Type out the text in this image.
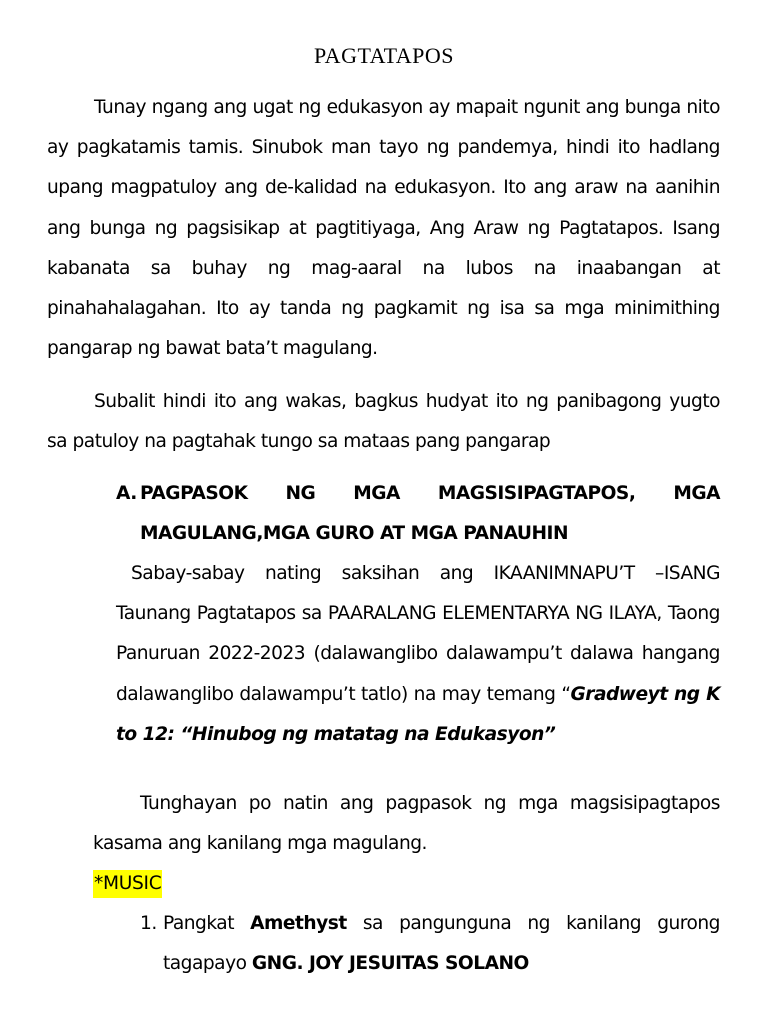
PAGTATAPOS

Tunay ngang ang ugat ng edukasyon ay mapait ngunit ang bunga nito ay pagkatamis tamis. Sinubok man tayo ng pandemya, hindi ito hadlang upang magpatuloy ang de-kalidad na edukasyon. Ito ang araw na aanihin ang bunga ng pagsisikap at pagtitiyaga, Ang Araw ng Pagtatapos. Isang kabanata sa buhay ng mag-aaral na lubos na inaabangan at pinahahalagahan. Ito ay tanda ng pagkamit ng isa sa mga minimithing pangarap ng bawat bata’t magulang.

Subalit hindi ito ang wakas, bagkus hudyat ito ng panibagong yugto sa patuloy na pagtahak tungo sa mataas pang pangarap

A. PAGPASOK NG MGA MAGSISIPAGTAPOS, MGA MAGULANG,MGA GURO AT MGA PANAUHIN

Sabay-sabay nating saksihan ang IKAANIMNAPU’T –ISANG Taunang Pagtatapos sa PAARALANG ELEMENTARYA NG ILAYA, Taong Panuruan 2022-2023 (dalawanglibo dalawampu’t dalawa hangang dalawanglibo dalawampu’t tatlo) na may temang “Gradweyt ng K to 12: “Hinubog ng matatag na Edukasyon”

Tunghayan po natin ang pagpasok ng mga magsisipagtapos kasama ang kanilang mga magulang.

*MUSIC
1. Pangkat Amethyst sa pangunguna ng kanilang gurong tagapayo GNG. JOY JESUITAS SOLANO
